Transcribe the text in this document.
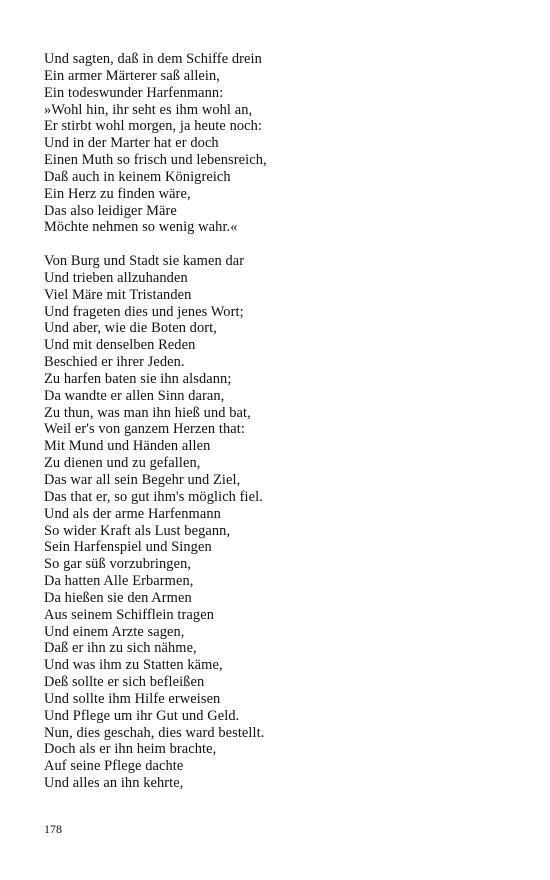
Und sagten, daß in dem Schiffe drein
Ein armer Märterer saß allein,
Ein todeswunder Harfenmann:
»Wohl hin, ihr seht es ihm wohl an,
Er stirbt wohl morgen, ja heute noch:
Und in der Marter hat er doch
Einen Muth so frisch und lebensreich,
Daß auch in keinem Königreich
Ein Herz zu finden wäre,
Das also leidiger Märe
Möchte nehmen so wenig wahr.«
Von Burg und Stadt sie kamen dar
Und trieben allzuhanden
Viel Märe mit Tristanden
Und frageten dies und jenes Wort;
Und aber, wie die Boten dort,
Und mit denselben Reden
Beschied er ihrer Jeden.
Zu harfen baten sie ihn alsdann;
Da wandte er allen Sinn daran,
Zu thun, was man ihn hieß und bat,
Weil er's von ganzem Herzen that:
Mit Mund und Händen allen
Zu dienen und zu gefallen,
Das war all sein Begehr und Ziel,
Das that er, so gut ihm's möglich fiel.
Und als der arme Harfenmann
So wider Kraft als Lust begann,
Sein Harfenspiel und Singen
So gar süß vorzubringen,
Da hatten Alle Erbarmen,
Da hießen sie den Armen
Aus seinem Schifflein tragen
Und einem Arzte sagen,
Daß er ihn zu sich nähme,
Und was ihm zu Statten käme,
Deß sollte er sich befleißen
Und sollte ihm Hilfe erweisen
Und Pflege um ihr Gut und Geld.
Nun, dies geschah, dies ward bestellt.
Doch als er ihn heim brachte,
Auf seine Pflege dachte
Und alles an ihn kehrte,
178
